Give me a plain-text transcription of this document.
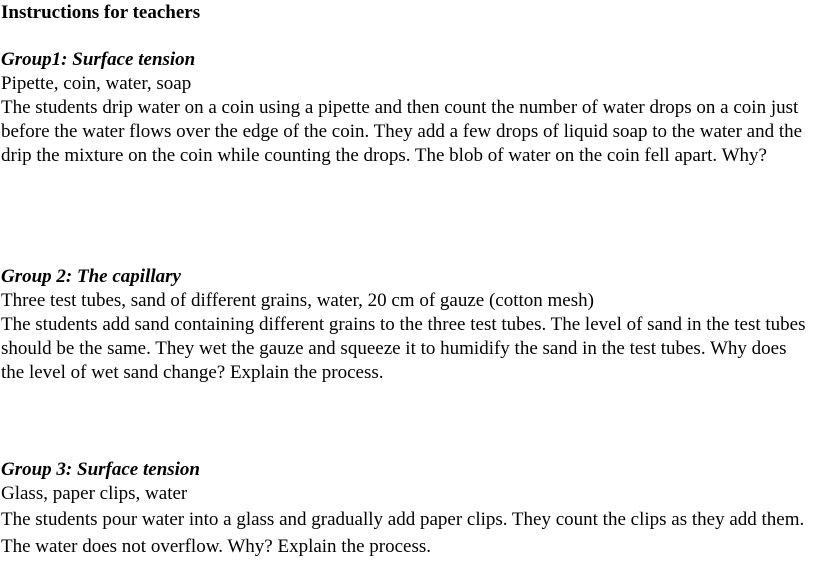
Instructions for teachers

Group1: Surface tension

Pipette, coin, water, soap

The students drip water on a coin using a pipette and then count the number of water drops on a coin just before the water flows over the edge of the coin. They add a few drops of liquid soap to the water and the drip the mixture on the coin while counting the drops. The blob of water on the coin fell apart. Why?

Group 2: The capillary

Three test tubes, sand of different grains, water, 20 cm of gauze (cotton mesh)

The students add sand containing different grains to the three test tubes. The level of sand in the test tubes should be the same. They wet the gauze and squeeze it to humidify the sand in the test tubes. Why does the level of wet sand change? Explain the process.

Group 3: Surface tension

Glass, paper clips, water

The students pour water into a glass and gradually add paper clips. They count the clips as they add them. The water does not overflow. Why? Explain the process.
